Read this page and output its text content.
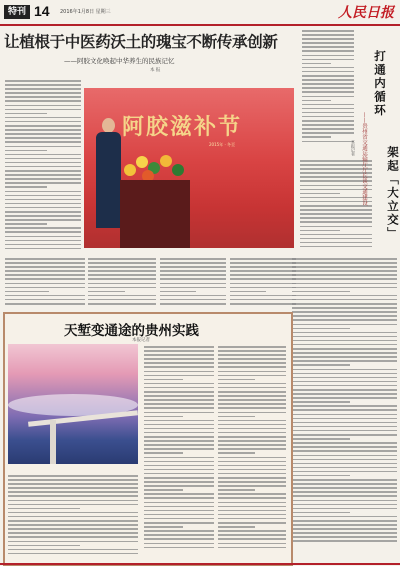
特刊 14 2016年1月8日 星期三	人民日报
让植根于中医药沃土的瑰宝不断传承创新
——阿胶文化唤起中华养生的民族记忆
本 报
阿胶滋补节
2015年 · 冬至
打通内循环
架起「大立交」
——贵州省交通运输厅厅长谈交通建设
本报记者
天堑变通途的贵州实践
本报记者
